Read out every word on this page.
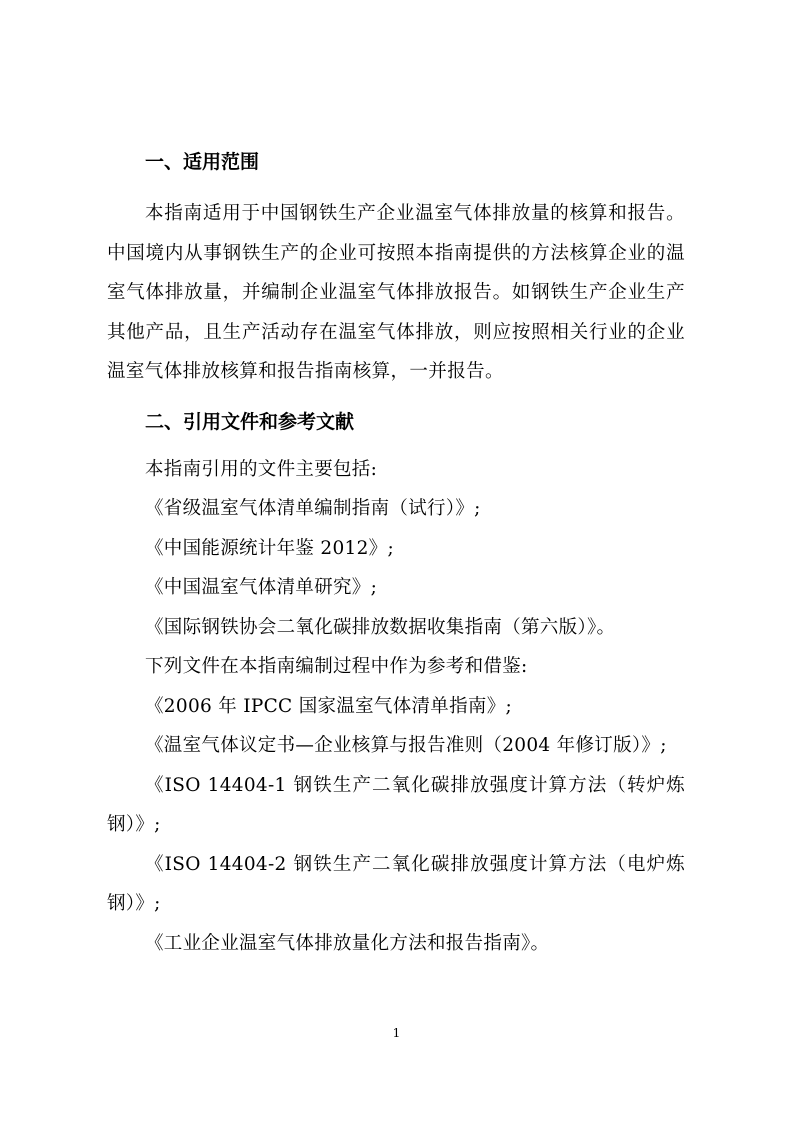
一、适用范围

本指南适用于中国钢铁生产企业温室气体排放量的核算和报告。中国境内从事钢铁生产的企业可按照本指南提供的方法核算企业的温室气体排放量，并编制企业温室气体排放报告。如钢铁生产企业生产其他产品，且生产活动存在温室气体排放，则应按照相关行业的企业温室气体排放核算和报告指南核算，一并报告。

二、引用文件和参考文献

本指南引用的文件主要包括:

《省级温室气体清单编制指南（试行）》;

《中国能源统计年鉴 2012》;

《中国温室气体清单研究》;

《国际钢铁协会二氧化碳排放数据收集指南（第六版）》。

下列文件在本指南编制过程中作为参考和借鉴:

《2006 年 IPCC 国家温室气体清单指南》;

《温室气体议定书—企业核算与报告准则（2004 年修订版）》;

《ISO 14404-1 钢铁生产二氧化碳排放强度计算方法（转炉炼钢）》;

《ISO 14404-2 钢铁生产二氧化碳排放强度计算方法（电炉炼钢）》;

《工业企业温室气体排放量化方法和报告指南》。

1
